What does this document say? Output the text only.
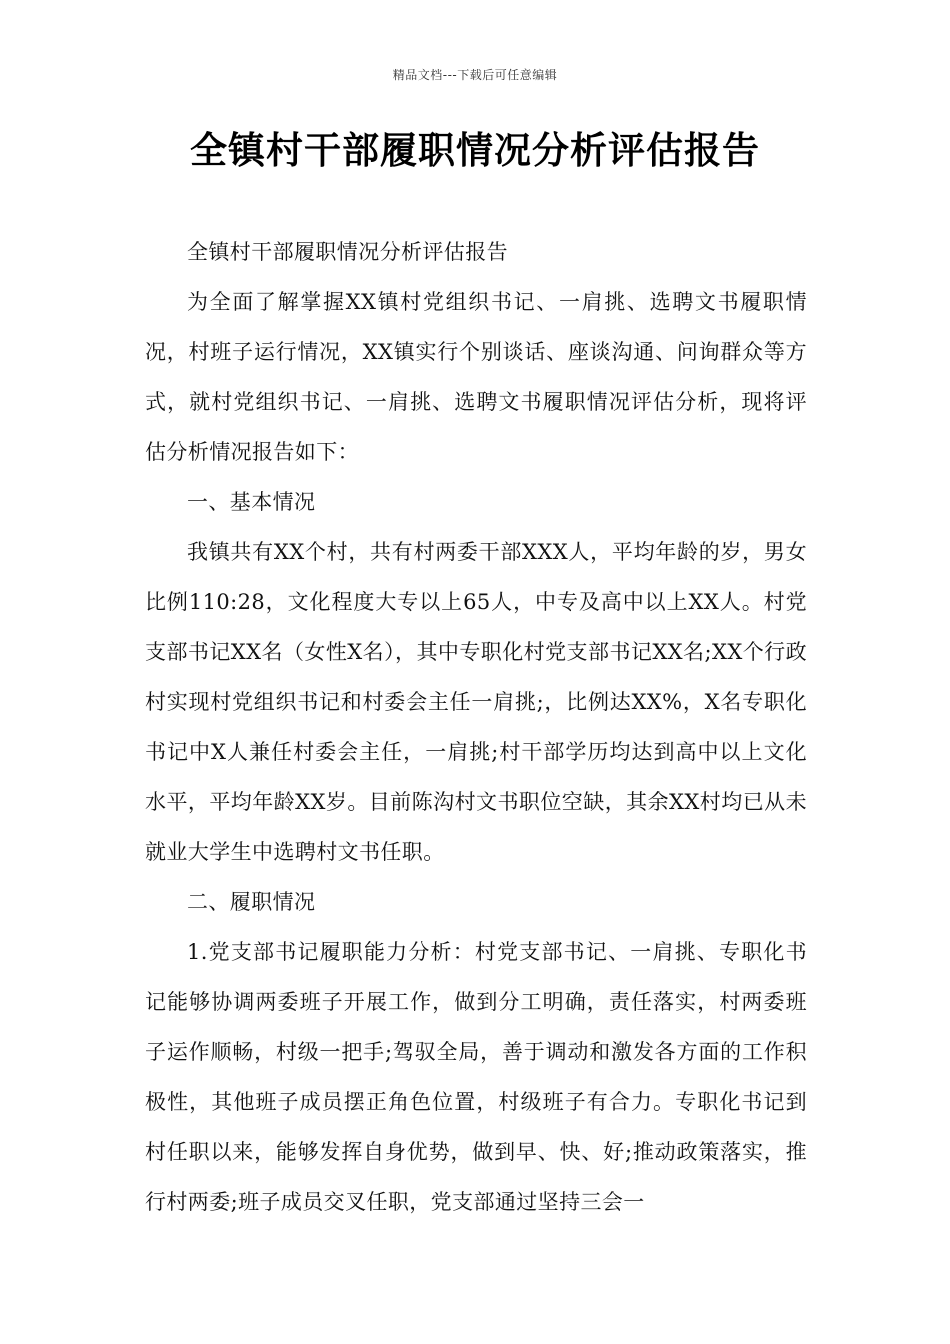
精品文档---下载后可任意编辑
全镇村干部履职情况分析评估报告

全镇村干部履职情况分析评估报告

为全面了解掌握XX镇村党组织书记、一肩挑、选聘文书履职情况，村班子运行情况，XX镇实行个别谈话、座谈沟通、问询群众等方式，就村党组织书记、一肩挑、选聘文书履职情况评估分析，现将评估分析情况报告如下：

一、基本情况

我镇共有XX个村，共有村两委干部XXX人，平均年龄的岁，男女比例110:28，文化程度大专以上65人，中专及高中以上XX人。村党支部书记XX名（女性X名），其中专职化村党支部书记XX名;XX个行政村实现村党组织书记和村委会主任一肩挑;，比例达XX%，X名专职化书记中X人兼任村委会主任，一肩挑;村干部学历均达到高中以上文化水平，平均年龄XX岁。目前陈沟村文书职位空缺，其余XX村均已从未就业大学生中选聘村文书任职。

二、履职情况

1.党支部书记履职能力分析：村党支部书记、一肩挑、专职化书记能够协调两委班子开展工作，做到分工明确，责任落实，村两委班子运作顺畅，村级一把手;驾驭全局，善于调动和激发各方面的工作积极性，其他班子成员摆正角色位置，村级班子有合力。专职化书记到村任职以来，能够发挥自身优势，做到早、快、好;推动政策落实，推行村两委;班子成员交叉任职，党支部通过坚持三会一
